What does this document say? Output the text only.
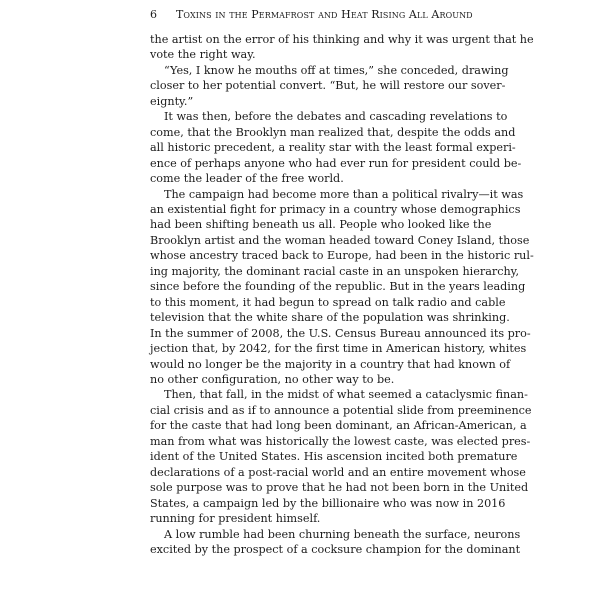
6 Toxins in the Permafrost and Heat Rising All Around

the artist on the error of his thinking and why it was urgent that he
vote the right way.

“Yes, I know he mouths off at times,” she conceded, drawing
closer to her potential convert. “But, he will restore our sover-
eignty.”

It was then, before the debates and cascading revelations to
come, that the Brooklyn man realized that, despite the odds and
all historic precedent, a reality star with the least formal experi-
ence of perhaps anyone who had ever run for president could be-
come the leader of the free world.

The campaign had become more than a political rivalry—it was
an existential fight for primacy in a country whose demographics
had been shifting beneath us all. People who looked like the
Brooklyn artist and the woman headed toward Coney Island, those
whose ancestry traced back to Europe, had been in the historic rul-
ing majority, the dominant racial caste in an unspoken hierarchy,
since before the founding of the republic. But in the years leading
to this moment, it had begun to spread on talk radio and cable
television that the white share of the population was shrinking.
In the summer of 2008, the U.S. Census Bureau announced its pro-
jection that, by 2042, for the first time in American history, whites
would no longer be the majority in a country that had known of
no other configuration, no other way to be.

Then, that fall, in the midst of what seemed a cataclysmic finan-
cial crisis and as if to announce a potential slide from preeminence
for the caste that had long been dominant, an African-American, a
man from what was historically the lowest caste, was elected pres-
ident of the United States. His ascension incited both premature
declarations of a post-racial world and an entire movement whose
sole purpose was to prove that he had not been born in the United
States, a campaign led by the billionaire who was now in 2016
running for president himself.

A low rumble had been churning beneath the surface, neurons
excited by the prospect of a cocksure champion for the dominant
